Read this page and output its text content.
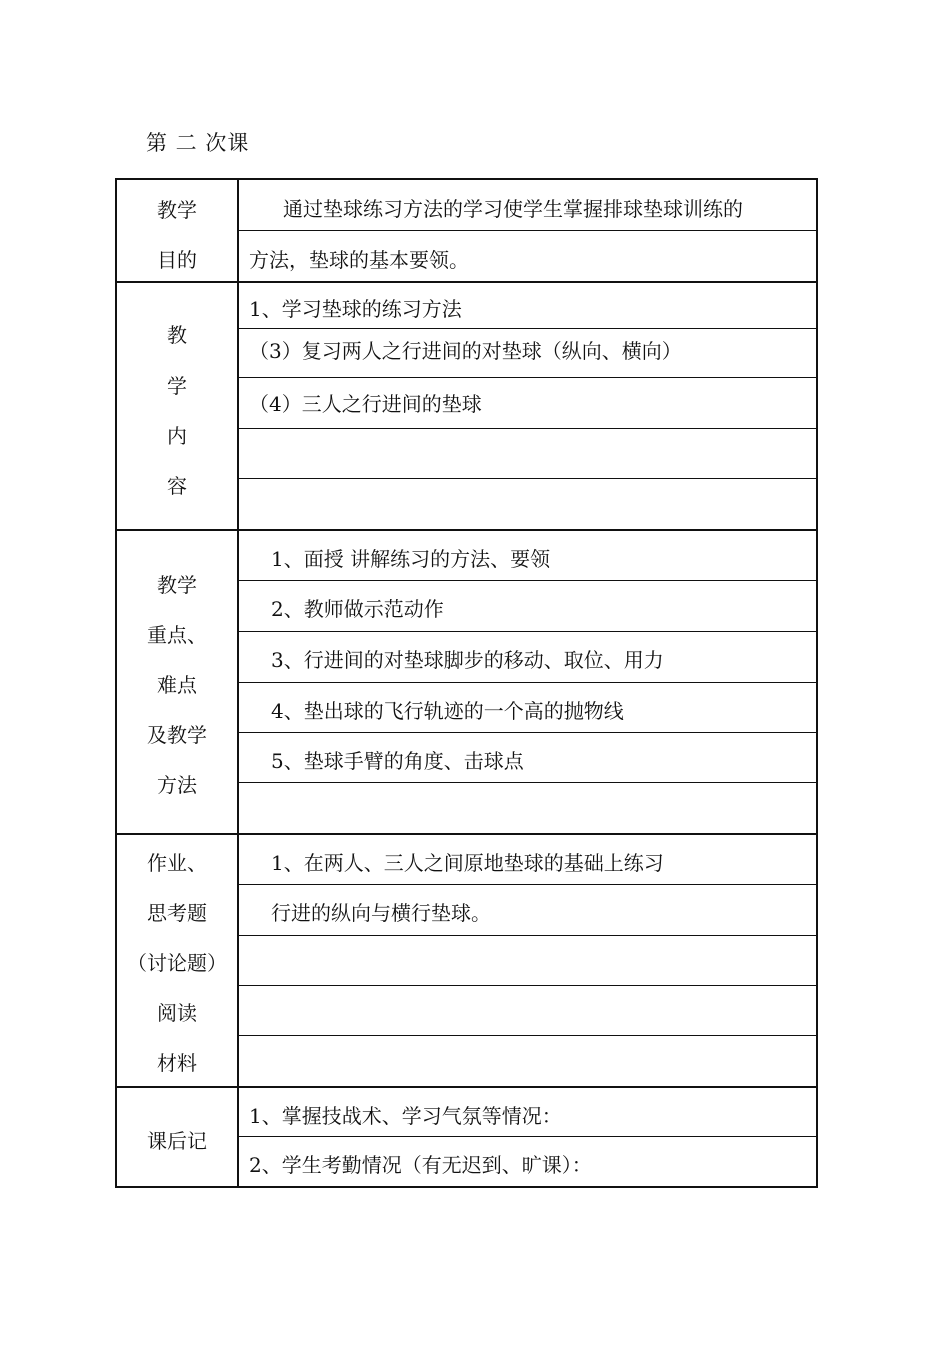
第 二 次课
教学
目的
通过垫球练习方法的学习使学生掌握排球垫球训练的
方法，垫球的基本要领。
教
学
内
容
1、学习垫球的练习方法
（3）复习两人之行进间的对垫球（纵向、横向）
（4）三人之行进间的垫球
教学
重点、
难点
及教学
方法
1、面授 讲解练习的方法、要领
2、教师做示范动作
3、行进间的对垫球脚步的移动、取位、用力
4、垫出球的飞行轨迹的一个高的抛物线
5、垫球手臂的角度、击球点
作业、
思考题
（讨论题）
阅读
材料
1、在两人、三人之间原地垫球的基础上练习
行进的纵向与横行垫球。
课后记
1、掌握技战术、学习气氛等情况：
2、学生考勤情况（有无迟到、旷课）：
